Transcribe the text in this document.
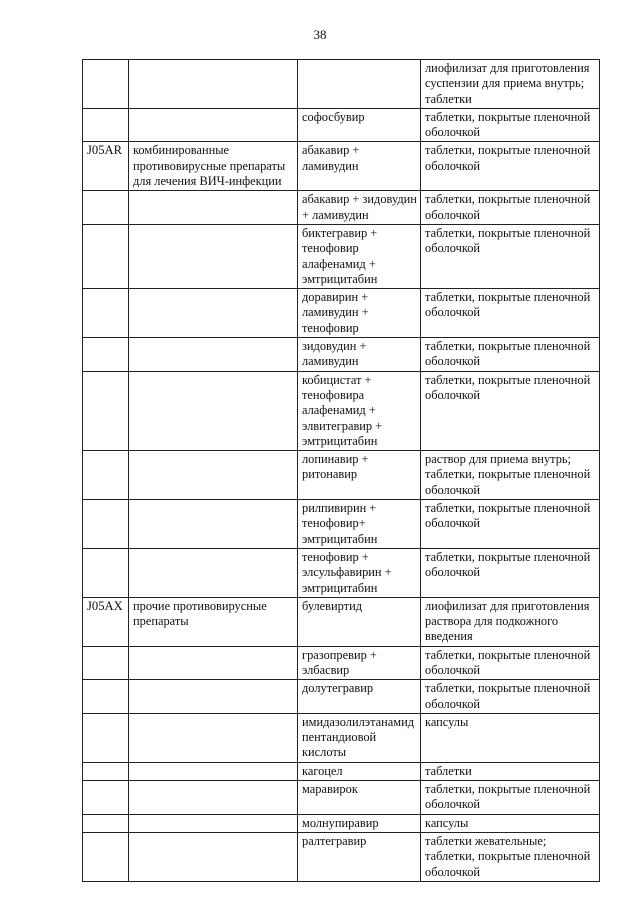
38
			лиофилизат для приготовления суспензии для приема внутрь; таблетки
		софосбувир	таблетки, покрытые пленочной оболочкой
J05AR	комбинированные противовирусные препараты для лечения ВИЧ-инфекции	абакавир + ламивудин	таблетки, покрытые пленочной оболочкой
		абакавир + зидовудин + ламивудин	таблетки, покрытые пленочной оболочкой
		биктегравир + тенофовир алафенамид + эмтрицитабин	таблетки, покрытые пленочной оболочкой
		доравирин + ламивудин + тенофовир	таблетки, покрытые пленочной оболочкой
		зидовудин + ламивудин	таблетки, покрытые пленочной оболочкой
		кобицистат + тенофовира алафенамид + элвитегравир + эмтрицитабин	таблетки, покрытые пленочной оболочкой
		лопинавир + ритонавир	раствор для приема внутрь; таблетки, покрытые пленочной оболочкой
		рилпивирин + тенофовир+ эмтрицитабин	таблетки, покрытые пленочной оболочкой
		тенофовир + элсульфавирин + эмтрицитабин	таблетки, покрытые пленочной оболочкой
J05AX	прочие противовирусные препараты	булевиртид	лиофилизат для приготовления раствора для подкожного введения
		гразопревир + элбасвир	таблетки, покрытые пленочной оболочкой
		долутегравир	таблетки, покрытые пленочной оболочкой
		имидазолилэтанамид пентандиовой кислоты	капсулы
		кагоцел	таблетки
		маравирок	таблетки, покрытые пленочной оболочкой
		молнупиравир	капсулы
		ралтегравир	таблетки жевательные; таблетки, покрытые пленочной оболочкой
